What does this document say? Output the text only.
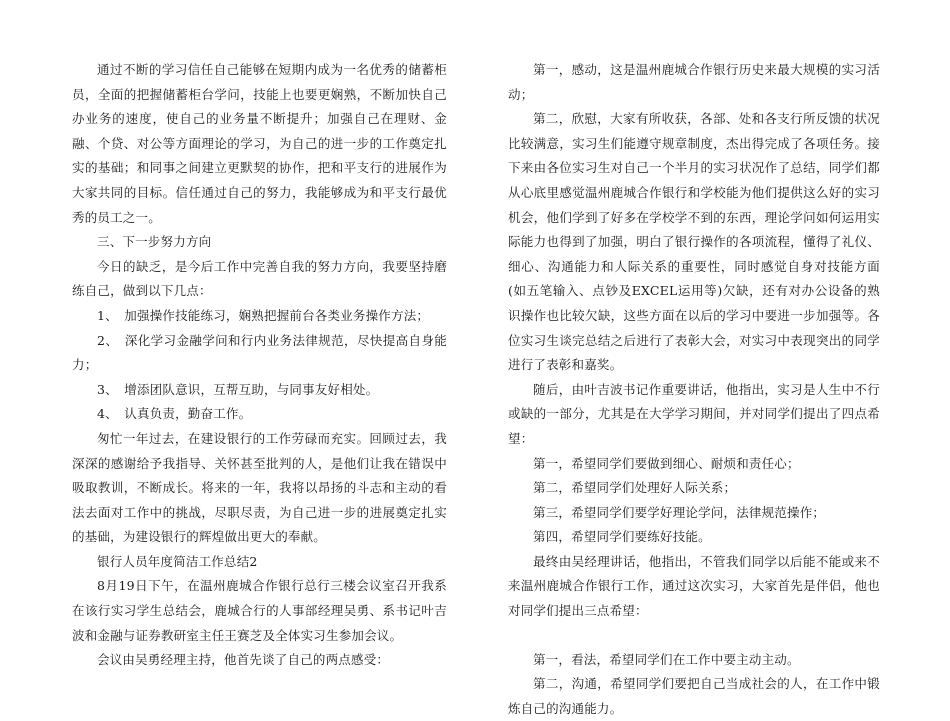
通过不断的学习信任自己能够在短期内成为一名优秀的储蓄柜员，全面的把握储蓄柜台学问，技能上也要更娴熟，不断加快自己办业务的速度，使自己的业务量不断提升；加强自己在理财、金融、个贷、对公等方面理论的学习，为自己的进一步的工作奠定扎实的基础；和同事之间建立更默契的协作，把和平支行的进展作为大家共同的目标。信任通过自己的努力，我能够成为和平支行最优秀的员工之一。

三、下一步努力方向

今日的缺乏，是今后工作中完善自我的努力方向，我要坚持磨练自己，做到以下几点：

1、　加强操作技能练习，娴熟把握前台各类业务操作方法；

2、　深化学习金融学问和行内业务法律规范，尽快提高自身能力；

3、　增添团队意识，互帮互助，与同事友好相处。

4、　认真负责，勤奋工作。

匆忙一年过去，在建设银行的工作劳碌而充实。回顾过去，我深深的感谢给予我指导、关怀甚至批判的人，是他们让我在错误中吸取教训，不断成长。将来的一年，我将以昂扬的斗志和主动的看法去面对工作中的挑战，尽职尽责，为自己进一步的进展奠定扎实的基础，为建设银行的辉煌做出更大的奉献。

银行人员年度简洁工作总结2

8月19日下午，在温州鹿城合作银行总行三楼会议室召开我系在该行实习学生总结会，鹿城合行的人事部经理吴勇、系书记叶吉波和金融与证券教研室主任王赛芝及全体实习生参加会议。

会议由吴勇经理主持，他首先谈了自己的两点感受：

第一，感动，这是温州鹿城合作银行历史来最大规模的实习活动；

第二，欣慰，大家有所收获，各部、处和各支行所反馈的状况比较满意，实习生们能遵守规章制度，杰出得完成了各项任务。接下来由各位实习生对自己一个半月的实习状况作了总结，同学们都从心底里感觉温州鹿城合作银行和学校能为他们提供这么好的实习机会，他们学到了好多在学校学不到的东西，理论学问如何运用实际能力也得到了加强，明白了银行操作的各项流程，懂得了礼仪、细心、沟通能力和人际关系的重要性，同时感觉自身对技能方面(如五笔输入、点钞及EXCEL运用等)欠缺，还有对办公设备的熟识操作也比较欠缺，这些方面在以后的学习中要进一步加强等。各位实习生谈完总结之后进行了表彰大会，对实习中表现突出的同学进行了表彰和嘉奖。

随后，由叶吉波书记作重要讲话，他指出，实习是人生中不行或缺的一部分，尤其是在大学学习期间，并对同学们提出了四点希望：

第一，希望同学们要做到细心、耐烦和责任心；

第二，希望同学们处理好人际关系；

第三，希望同学们要学好理论学问，法律规范操作；

第四，希望同学们要练好技能。

最终由吴经理讲话，他指出，不管我们同学以后能不能或来不来温州鹿城合作银行工作，通过这次实习，大家首先是伴侣，他也对同学们提出三点希望：

第一，看法，希望同学们在工作中要主动主动。

第二，沟通，希望同学们要把自己当成社会的人，在工作中锻炼自己的沟通能力。
